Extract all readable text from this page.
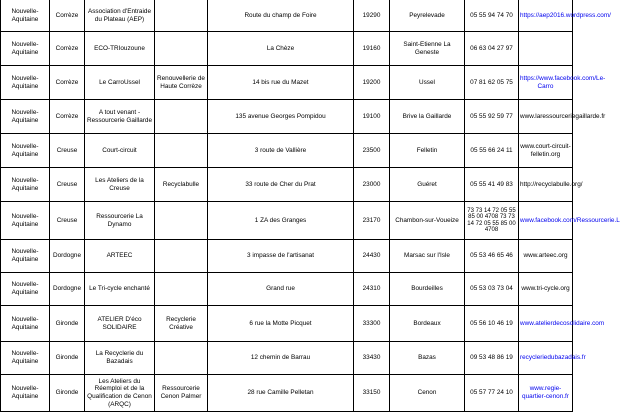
Nouvelle-Aquitaine	Corrèze	Association d'Entraide du Plateau (AEP)		Route du champ de Foire	19290	Peyrelevade	05 55 94 74 70	https://aep2016.wordpress.com/
Nouvelle-Aquitaine	Corrèze	ECO-TRIouzoune		La Chèze	19160	Saint-Etienne La Geneste	06 63 04 27 97	
Nouvelle-Aquitaine	Corrèze	Le CarroUssel	Renouvellerie de Haute Corrèze	14 bis rue du Mazet	19200	Ussel	07 81 62 05 75	https://www.facebook.com/Le-Carro
Nouvelle-Aquitaine	Corrèze	A tout venant - Ressourcerie Gaillarde		135 avenue Georges Pompidou	19100	Brive la Gaillarde	05 55 92 59 77	www.laressourceriegaillarde.fr
Nouvelle-Aquitaine	Creuse	Court-circuit		3 route de Vallière	23500	Felletin	05 55 66 24 11	www.court-circuit-felletin.org
Nouvelle-Aquitaine	Creuse	Les Ateliers de la Creuse	Recyclabulle	33 route de Cher du Prat	23000	Guéret	05 55 41 49 83	http://recyclabulle.org/
Nouvelle-Aquitaine	Creuse	Ressourcerie La Dynamo		1 ZA des Granges	23170	Chambon-sur-Voueize	73 73 14 72 05 55 85 00 4708 73 73 14 72 05 55 85 00 4708	www.facebook.com/Ressourcerie.L
Nouvelle-Aquitaine	Dordogne	ARTEEC		3 impasse de l'artisanat	24430	Marsac sur l'Isle	05 53 46 65 46	www.arteec.org
Nouvelle-Aquitaine	Dordogne	Le Tri-cycle enchanté		Grand rue	24310	Bourdeilles	05 53 03 73 04	www.tri-cycle.org
Nouvelle-Aquitaine	Gironde	ATELIER D'éco SOLIDAIRE	Recyclerie Créative	6 rue la Motte Picquet	33300	Bordeaux	05 56 10 46 19	www.atelierdecosolidaire.com
Nouvelle-Aquitaine	Gironde	La Recyclerie du Bazadais		12 chemin de Barrau	33430	Bazas	09 53 48 86 19	recycleriedubazadais.fr
Nouvelle-Aquitaine	Gironde	Les Ateliers du Réemploi et de la Qualification de Cenon (ARQC)	Ressourcerie Cenon Palmer	28 rue Camille Pelletan	33150	Cenon	05 57 77 24 10	www.regie-quartier-cenon.fr
